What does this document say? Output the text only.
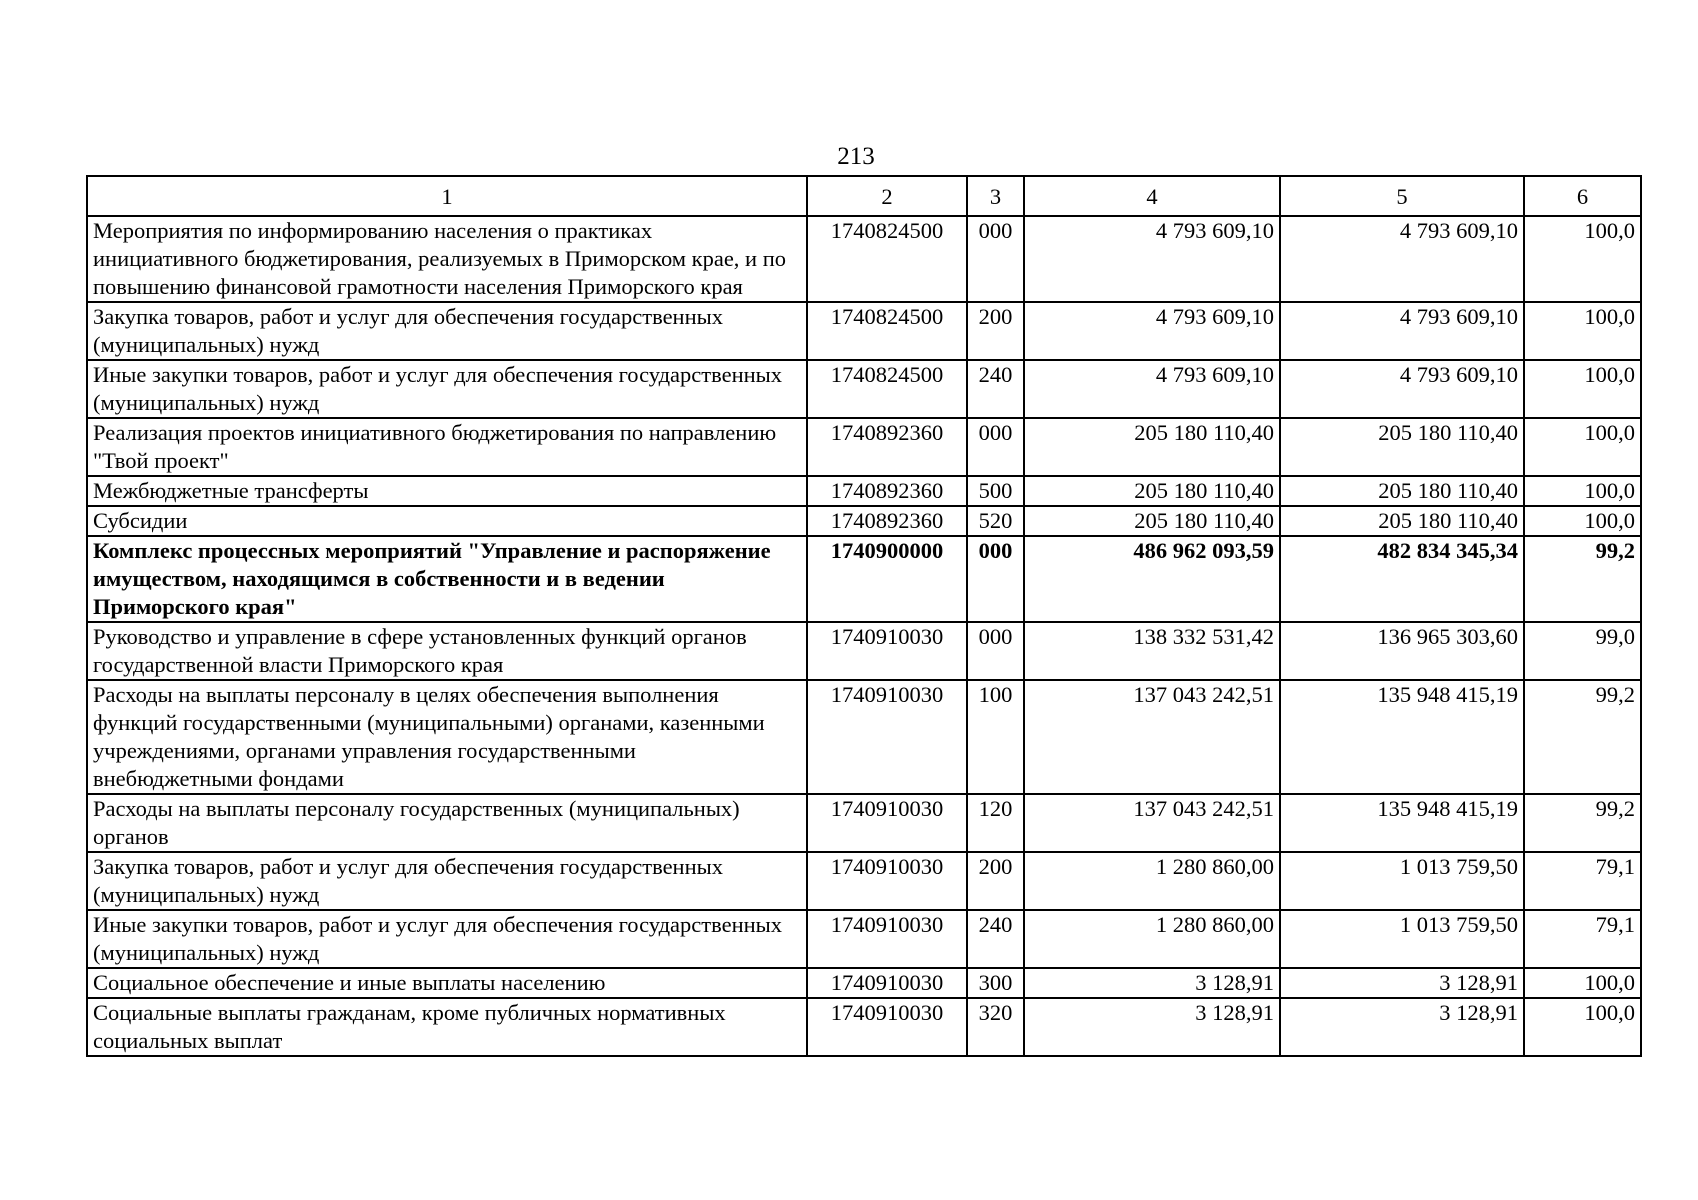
213
1	2	3	4	5	6
Мероприятия по информированию населения о практиках инициативного бюджетирования, реализуемых в Приморском крае, и по повышению финансовой грамотности населения Приморского края	1740824500	000	4 793 609,10	4 793 609,10	100,0
Закупка товаров, работ и услуг для обеспечения государственных (муниципальных) нужд	1740824500	200	4 793 609,10	4 793 609,10	100,0
Иные закупки товаров, работ и услуг для обеспечения государственных (муниципальных) нужд	1740824500	240	4 793 609,10	4 793 609,10	100,0
Реализация проектов инициативного бюджетирования по направлению "Твой проект"	1740892360	000	205 180 110,40	205 180 110,40	100,0
Межбюджетные трансферты	1740892360	500	205 180 110,40	205 180 110,40	100,0
Субсидии	1740892360	520	205 180 110,40	205 180 110,40	100,0
Комплекс процессных мероприятий "Управление и распоряжение имуществом, находящимся в собственности и в ведении Приморского края"	1740900000	000	486 962 093,59	482 834 345,34	99,2
Руководство и управление в сфере установленных функций органов государственной власти Приморского края	1740910030	000	138 332 531,42	136 965 303,60	99,0
Расходы на выплаты персоналу в целях обеспечения выполнения функций государственными (муниципальными) органами, казенными учреждениями, органами управления государственными внебюджетными фондами	1740910030	100	137 043 242,51	135 948 415,19	99,2
Расходы на выплаты персоналу государственных (муниципальных) органов	1740910030	120	137 043 242,51	135 948 415,19	99,2
Закупка товаров, работ и услуг для обеспечения государственных (муниципальных) нужд	1740910030	200	1 280 860,00	1 013 759,50	79,1
Иные закупки товаров, работ и услуг для обеспечения государственных (муниципальных) нужд	1740910030	240	1 280 860,00	1 013 759,50	79,1
Социальное обеспечение и иные выплаты населению	1740910030	300	3 128,91	3 128,91	100,0
Социальные выплаты гражданам, кроме публичных нормативных социальных выплат	1740910030	320	3 128,91	3 128,91	100,0
